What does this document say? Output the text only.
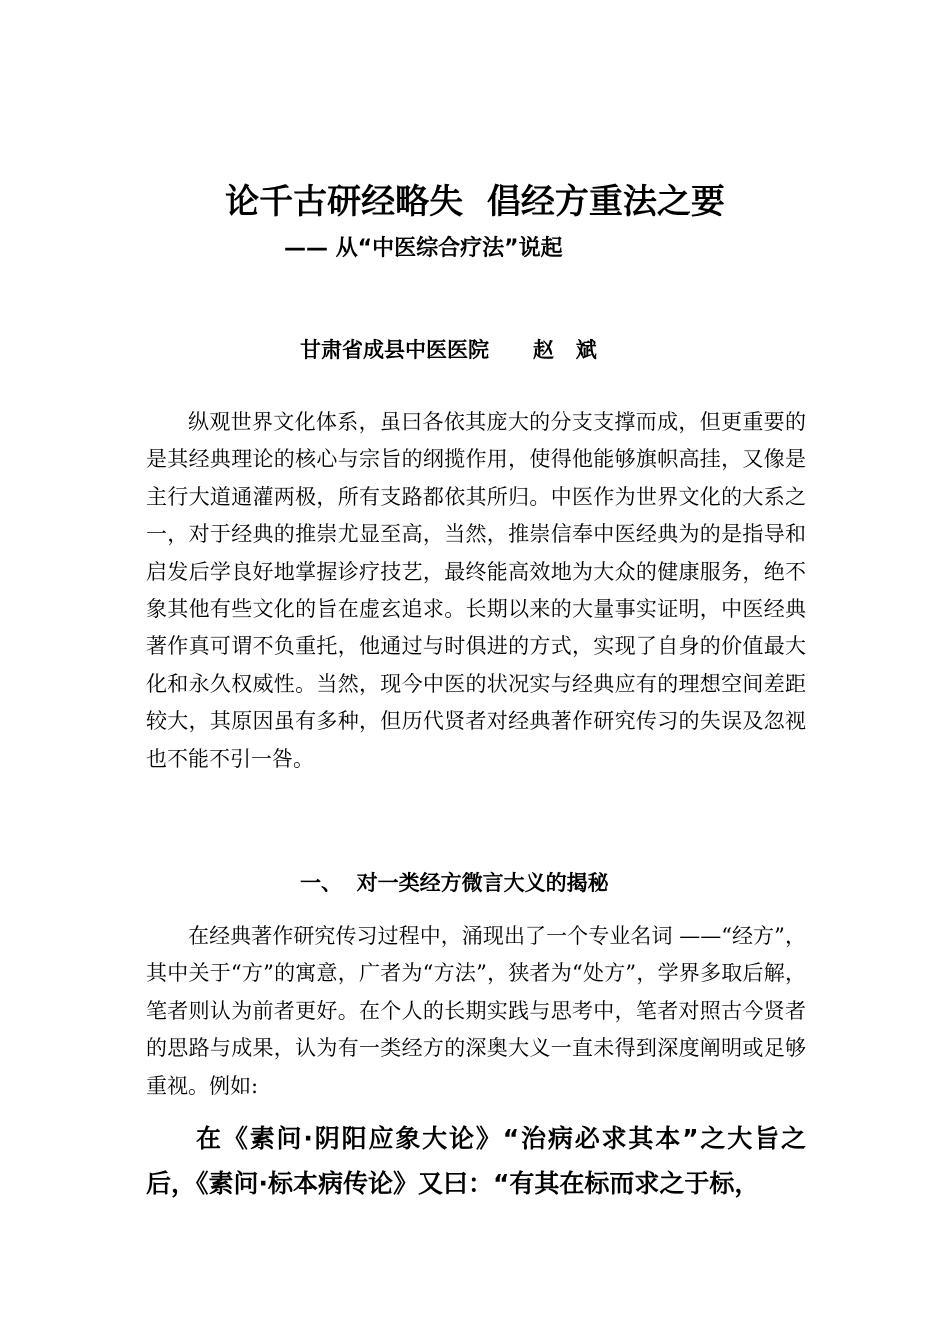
论千古研经略失  倡经方重法之要
—— 从“中医综合疗法”说起
甘肃省成县中医医院      赵   斌

纵观世界文化体系，虽曰各依其庞大的分支支撑而成，但更重要的是其经典理论的核心与宗旨的纲揽作用，使得他能够旗帜高挂，又像是主行大道通灌两极，所有支路都依其所归。中医作为世界文化的大系之一，对于经典的推崇尤显至高，当然，推崇信奉中医经典为的是指导和启发后学良好地掌握诊疗技艺，最终能高效地为大众的健康服务，绝不象其他有些文化的旨在虚玄追求。长期以来的大量事实证明，中医经典著作真可谓不负重托，他通过与时俱进的方式，实现了自身的价值最大化和永久权威性。当然，现今中医的状况实与经典应有的理想空间差距较大，其原因虽有多种，但历代贤者对经典著作研究传习的失误及忽视也不能不引一咎。

一、  对一类经方微言大义的揭秘

在经典著作研究传习过程中，涌现出了一个专业名词 ——“经方”，其中关于“方”的寓意，广者为“方法”，狭者为“处方”，学界多取后解，笔者则认为前者更好。在个人的长期实践与思考中，笔者对照古今贤者的思路与成果，认为有一类经方的深奥大义一直未得到深度阐明或足够重视。例如:

在《素问·阴阳应象大论》“治病必求其本”之大旨之后，《素问·标本病传论》又曰：“有其在标而求之于标，
